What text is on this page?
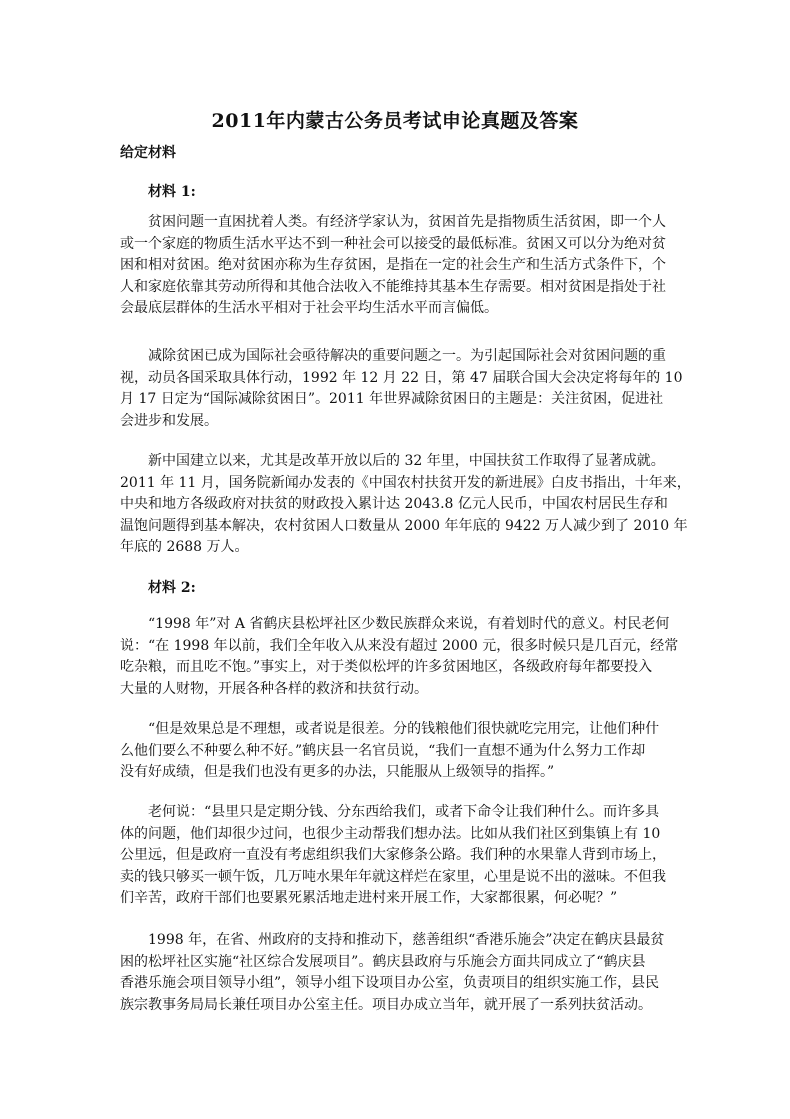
2011年内蒙古公务员考试申论真题及答案
给定材料
材料 1:
贫困问题一直困扰着人类。有经济学家认为，贫困首先是指物质生活贫困，即一个人
或一个家庭的物质生活水平达不到一种社会可以接受的最低标准。贫困又可以分为绝对贫
困和相对贫困。绝对贫困亦称为生存贫困，是指在一定的社会生产和生活方式条件下，个
人和家庭依靠其劳动所得和其他合法收入不能维持其基本生存需要。相对贫困是指处于社
会最底层群体的生活水平相对于社会平均生活水平而言偏低。
减除贫困已成为国际社会亟待解决的重要问题之一。为引起国际社会对贫困问题的重
视，动员各国采取具体行动，1992 年 12 月 22 日，第 47 届联合国大会决定将每年的 10
月 17 日定为“国际减除贫困日”。2011 年世界减除贫困日的主题是：关注贫困，促进社
会进步和发展。
新中国建立以来，尤其是改革开放以后的 32 年里，中国扶贫工作取得了显著成就。
2011 年 11 月，国务院新闻办发表的《中国农村扶贫开发的新进展》白皮书指出，十年来，
中央和地方各级政府对扶贫的财政投入累计达 2043.8 亿元人民币，中国农村居民生存和
温饱问题得到基本解决，农村贫困人口数量从 2000 年年底的 9422 万人减少到了 2010 年
年底的 2688 万人。
材料 2:
“1998 年”对 A 省鹤庆县松坪社区少数民族群众来说，有着划时代的意义。村民老何
说：“在 1998 年以前，我们全年收入从来没有超过 2000 元，很多时候只是几百元，经常
吃杂粮，而且吃不饱。”事实上，对于类似松坪的许多贫困地区，各级政府每年都要投入
大量的人财物，开展各种各样的救济和扶贫行动。
“但是效果总是不理想，或者说是很差。分的钱粮他们很快就吃完用完，让他们种什
么他们要么不种要么种不好。”鹤庆县一名官员说，“我们一直想不通为什么努力工作却
没有好成绩，但是我们也没有更多的办法，只能服从上级领导的指挥。”
老何说：“县里只是定期分钱、分东西给我们，或者下命令让我们种什么。而许多具
体的问题，他们却很少过问，也很少主动帮我们想办法。比如从我们社区到集镇上有 10
公里远，但是政府一直没有考虑组织我们大家修条公路。我们种的水果靠人背到市场上，
卖的钱只够买一顿午饭，几万吨水果年年就这样烂在家里，心里是说不出的滋味。不但我
们辛苦，政府干部们也要累死累活地走进村来开展工作，大家都很累，何必呢？”
1998 年，在省、州政府的支持和推动下，慈善组织“香港乐施会”决定在鹤庆县最贫
困的松坪社区实施“社区综合发展项目”。鹤庆县政府与乐施会方面共同成立了“鹤庆县
香港乐施会项目领导小组”，领导小组下设项目办公室，负责项目的组织实施工作，县民
族宗教事务局局长兼任项目办公室主任。项目办成立当年，就开展了一系列扶贫活动。
